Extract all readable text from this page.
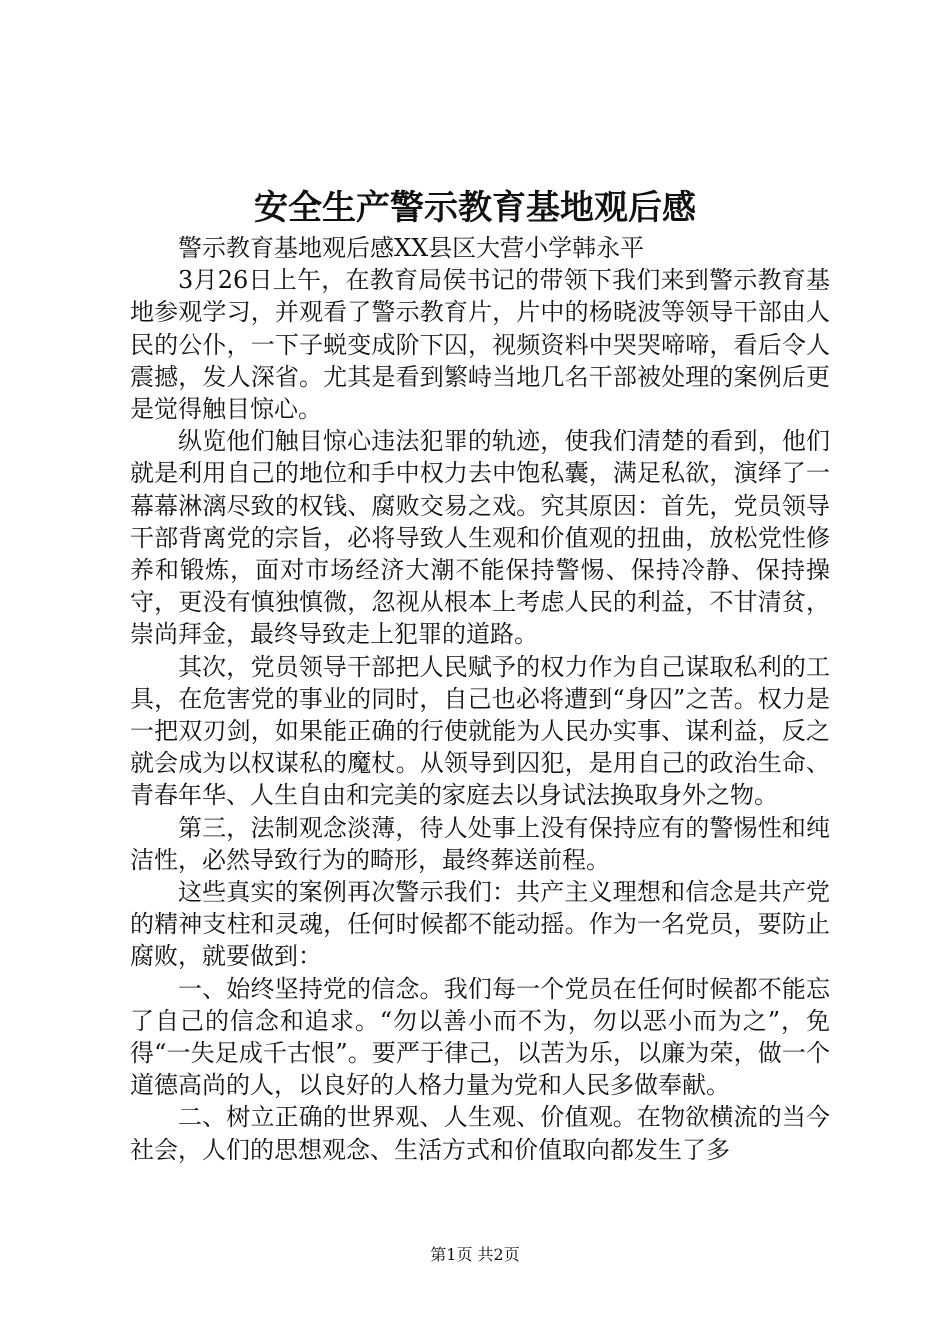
安全生产警示教育基地观后感

警示教育基地观后感XX县区大营小学韩永平

3月26日上午，在教育局侯书记的带领下我们来到警示教育基地参观学习，并观看了警示教育片，片中的杨晓波等领导干部由人民的公仆，一下子蜕变成阶下囚，视频资料中哭哭啼啼，看后令人震撼，发人深省。尤其是看到繁峙当地几名干部被处理的案例后更是觉得触目惊心。

纵览他们触目惊心违法犯罪的轨迹，使我们清楚的看到，他们就是利用自己的地位和手中权力去中饱私囊，满足私欲，演绎了一幕幕淋漓尽致的权钱、腐败交易之戏。究其原因：首先，党员领导干部背离党的宗旨，必将导致人生观和价值观的扭曲，放松党性修养和锻炼，面对市场经济大潮不能保持警惕、保持冷静、保持操守，更没有慎独慎微，忽视从根本上考虑人民的利益，不甘清贫，崇尚拜金，最终导致走上犯罪的道路。

其次，党员领导干部把人民赋予的权力作为自己谋取私利的工具，在危害党的事业的同时，自己也必将遭到“身囚”之苦。权力是一把双刃剑，如果能正确的行使就能为人民办实事、谋利益，反之就会成为以权谋私的魔杖。从领导到囚犯，是用自己的政治生命、青春年华、人生自由和完美的家庭去以身试法换取身外之物。

第三，法制观念淡薄，待人处事上没有保持应有的警惕性和纯洁性，必然导致行为的畸形，最终葬送前程。

这些真实的案例再次警示我们：共产主义理想和信念是共产党的精神支柱和灵魂，任何时候都不能动摇。作为一名党员，要防止腐败，就要做到：

一、始终坚持党的信念。我们每一个党员在任何时候都不能忘了自己的信念和追求。“勿以善小而不为，勿以恶小而为之”，免得“一失足成千古恨”。要严于律己，以苦为乐，以廉为荣，做一个道德高尚的人，以良好的人格力量为党和人民多做奉献。

二、树立正确的世界观、人生观、价值观。在物欲横流的当今社会，人们的思想观念、生活方式和价值取向都发生了多

第1页 共2页
